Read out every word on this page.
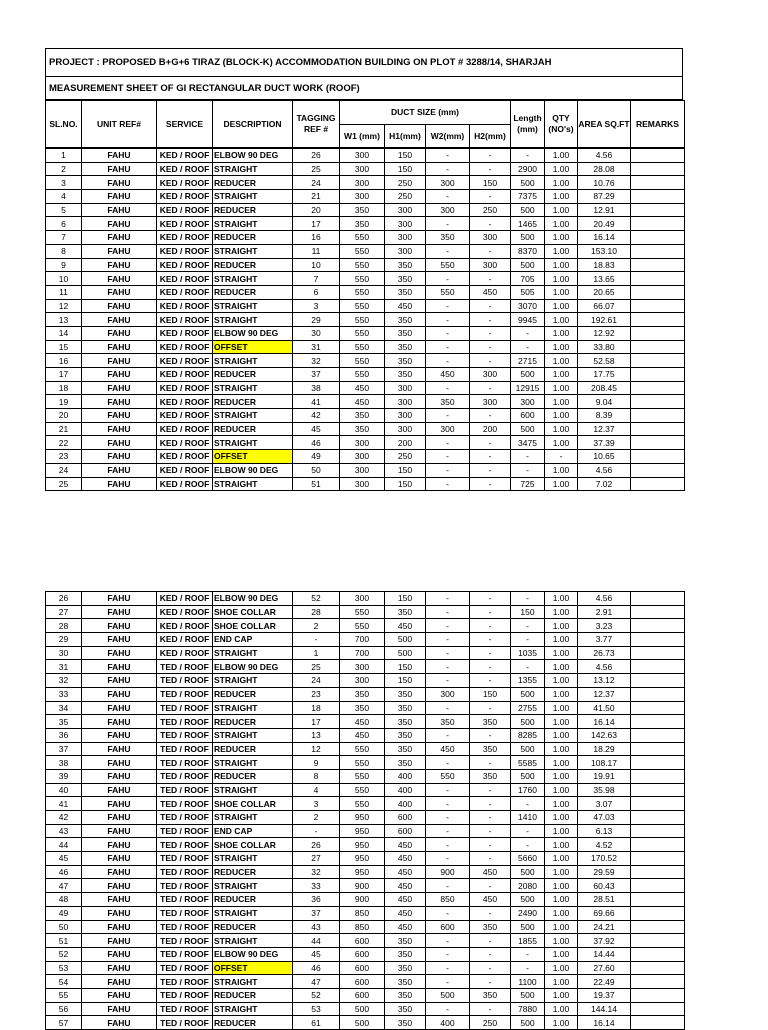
PROJECT : PROPOSED B+G+6 TIRAZ (BLOCK-K) ACCOMMODATION BUILDING ON PLOT # 3288/14, SHARJAH
MEASUREMENT SHEET OF GI RECTANGULAR DUCT WORK (ROOF)
SL.NO.	UNIT REF#	SERVICE	DESCRIPTION	TAGGING REF #	DUCT SIZE (mm)				Length (mm)	QTY (NO's)	AREA SQ.FT	REMARKS
					W1 (mm)	H1(mm)	W2(mm)	H2(mm)				
1	FAHU	KED / ROOF	ELBOW 90 DEG	26	300	150	-	-	-	1.00	4.56	
2	FAHU	KED / ROOF	STRAIGHT	25	300	150	-	-	2900	1.00	28.08	
3	FAHU	KED / ROOF	REDUCER	24	300	250	300	150	500	1.00	10.76	
4	FAHU	KED / ROOF	STRAIGHT	21	300	250	-	-	7375	1.00	87.29	
5	FAHU	KED / ROOF	REDUCER	20	350	300	300	250	500	1.00	12.91	
6	FAHU	KED / ROOF	STRAIGHT	17	350	300	-	-	1465	1.00	20.49	
7	FAHU	KED / ROOF	REDUCER	16	550	300	350	300	500	1.00	16.14	
8	FAHU	KED / ROOF	STRAIGHT	11	550	300	-	-	8370	1.00	153.10	
9	FAHU	KED / ROOF	REDUCER	10	550	350	550	300	500	1.00	18.83	
10	FAHU	KED / ROOF	STRAIGHT	7	550	350	-	-	705	1.00	13.65	
11	FAHU	KED / ROOF	REDUCER	6	550	350	550	450	505	1.00	20.65	
12	FAHU	KED / ROOF	STRAIGHT	3	550	450	-	-	3070	1.00	66.07	
13	FAHU	KED / ROOF	STRAIGHT	29	550	350	-	-	9945	1.00	192.61	
14	FAHU	KED / ROOF	ELBOW 90 DEG	30	550	350	-	-	-	1.00	12.92	
15	FAHU	KED / ROOF	OFFSET	31	550	350	-	-	-	1.00	33.80	
16	FAHU	KED / ROOF	STRAIGHT	32	550	350	-	-	2715	1.00	52.58	
17	FAHU	KED / ROOF	REDUCER	37	550	350	450	300	500	1.00	17.75	
18	FAHU	KED / ROOF	STRAIGHT	38	450	300	-	-	12915	1.00	208.45	
19	FAHU	KED / ROOF	REDUCER	41	450	300	350	300	300	1.00	9.04	
20	FAHU	KED / ROOF	STRAIGHT	42	350	300	-	-	600	1.00	8.39	
21	FAHU	KED / ROOF	REDUCER	45	350	300	300	200	500	1.00	12.37	
22	FAHU	KED / ROOF	STRAIGHT	46	300	200	-	-	3475	1.00	37.39	
23	FAHU	KED / ROOF	OFFSET	49	300	250	-	-	-	-	10.65	
24	FAHU	KED / ROOF	ELBOW 90 DEG	50	300	150	-	-	-	1.00	4.56	
25	FAHU	KED / ROOF	STRAIGHT	51	300	150	-	-	725	1.00	7.02	
26	FAHU	KED / ROOF	ELBOW 90 DEG	52	300	150	-	-	-	1.00	4.56	
27	FAHU	KED / ROOF	SHOE COLLAR	28	550	350	-	-	150	1.00	2.91	
28	FAHU	KED / ROOF	SHOE COLLAR	2	550	450	-	-	-	1.00	3.23	
29	FAHU	KED / ROOF	END CAP	-	700	500	-	-	-	1.00	3.77	
30	FAHU	KED / ROOF	STRAIGHT	1	700	500	-	-	1035	1.00	26.73	
31	FAHU	TED / ROOF	ELBOW 90 DEG	25	300	150	-	-	-	1.00	4.56	
32	FAHU	TED / ROOF	STRAIGHT	24	300	150	-	-	1355	1.00	13.12	
33	FAHU	TED / ROOF	REDUCER	23	350	350	300	150	500	1.00	12.37	
34	FAHU	TED / ROOF	STRAIGHT	18	350	350	-	-	2755	1.00	41.50	
35	FAHU	TED / ROOF	REDUCER	17	450	350	350	350	500	1.00	16.14	
36	FAHU	TED / ROOF	STRAIGHT	13	450	350	-	-	8285	1.00	142.63	
37	FAHU	TED / ROOF	REDUCER	12	550	350	450	350	500	1.00	18.29	
38	FAHU	TED / ROOF	STRAIGHT	9	550	350	-	-	5585	1.00	108.17	
39	FAHU	TED / ROOF	REDUCER	8	550	400	550	350	500	1.00	19.91	
40	FAHU	TED / ROOF	STRAIGHT	4	550	400	-	-	1760	1.00	35.98	
41	FAHU	TED / ROOF	SHOE COLLAR	3	550	400	-	-	-	1.00	3.07	
42	FAHU	TED / ROOF	STRAIGHT	2	950	600	-	-	1410	1.00	47.03	
43	FAHU	TED / ROOF	END CAP	-	950	600	-	-	-	1.00	6.13	
44	FAHU	TED / ROOF	SHOE COLLAR	26	950	450	-	-	-	1.00	4.52	
45	FAHU	TED / ROOF	STRAIGHT	27	950	450	-	-	5660	1.00	170.52	
46	FAHU	TED / ROOF	REDUCER	32	950	450	900	450	500	1.00	29.59	
47	FAHU	TED / ROOF	STRAIGHT	33	900	450	-	-	2080	1.00	60.43	
48	FAHU	TED / ROOF	REDUCER	36	900	450	850	450	500	1.00	28.51	
49	FAHU	TED / ROOF	STRAIGHT	37	850	450	-	-	2490	1.00	69.66	
50	FAHU	TED / ROOF	REDUCER	43	850	450	600	350	500	1.00	24.21	
51	FAHU	TED / ROOF	STRAIGHT	44	600	350	-	-	1855	1.00	37.92	
52	FAHU	TED / ROOF	ELBOW 90 DEG	45	600	350	-	-	-	1.00	14.44	
53	FAHU	TED / ROOF	OFFSET	46	600	350	-	-	-	1.00	27.60	
54	FAHU	TED / ROOF	STRAIGHT	47	600	350	-	-	1100	1.00	22.49	
55	FAHU	TED / ROOF	REDUCER	52	600	350	500	350	500	1.00	19.37	
56	FAHU	TED / ROOF	STRAIGHT	53	500	350	-	-	7880	1.00	144.14	
57	FAHU	TED / ROOF	REDUCER	61	500	350	400	250	500	1.00	16.14	
